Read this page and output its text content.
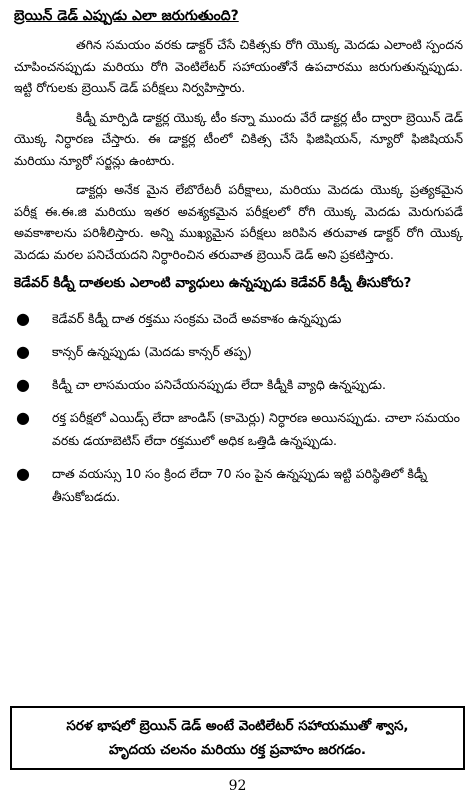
బ్రెయిన్ డెడ్ ఎప్పుడు ఎలా జరుగుతుంది?

తగిన సమయం వరకు డాక్టర్ చేసే చికిత్సకు రోగి యొక్క మెదడు ఎలాంటి స్పందన చూపించనప్పుడు మరియు రోగి వెంటిలేటర్ సహాయంతోనే ఉపచారము జరుగుతున్నప్పుడు. ఇట్టి రోగులకు బ్రెయిన్ డెడ్ పరీక్షలు నిర్వహిస్తారు.

కిడ్నీ మార్పిడి డాక్టర్ల యొక్క టీం కన్నా ముందు వేరే డాక్టర్ల టీం ద్వారా బ్రెయిన్ డెడ్ యొక్క నిర్ధారణ చేస్తారు. ఈ డాక్టర్ల టీంలో చికిత్స చేసే ఫిజిషియన్, న్యూరో ఫిజిషియన్ మరియు న్యూరో సర్జన్లు ఉంటారు.

డాక్టర్లు అనేక మైన లేబొరేటరీ పరీక్షాలు, మరియు మెదడు యొక్క ప్రత్యకమైన పరీక్ష ఈ.ఈ.జి మరియు ఇతర అవశ్యకమైన పరీక్షలలో రోగి యొక్క మెదడు మెరుగుపడే అవకాశాలను పరిశీలిస్తారు. అన్ని ముఖ్యమైన పరీక్షలు జరిపిన తరువాత డాక్టర్ రోగి యొక్క మెదడు మరల పనిచేయదని నిర్ధారించిన తరువాత బ్రెయిన్ డెడ్ అని ప్రకటిస్తారు.

కెడేవర్ కిడ్నీ దాతలకు ఎలాంటి వ్యాధులు ఉన్నప్పుడు కెడేవర్ కిడ్నీ తీసుకోరు?
● కెడేవర్ కిడ్నీ దాత రక్తము సంక్రమ చెందే అవకాశం ఉన్నప్పుడు
● కాన్సర్ ఉన్నప్పుడు (మెదడు కాన్సర్ తప్ప)
● కిడ్నీ చా లాసమయం పనిచేయనప్పుడు లేదా కిడ్నీకి వ్యాధి ఉన్నప్పుడు.
● రక్త పరీక్షలో ఎయిడ్స్ లేదా జాండిస్ (కామెర్లు) నిర్ధారణ అయినప్పుడు. చాలా సమయం వరకు డయాబెటిస్ లేదా రక్తములో అధిక ఒత్తిడి ఉన్నప్పుడు.
● దాత వయస్సు 10 సం క్రింద లేదా 70 సం పైన ఉన్నప్పుడు ఇట్టి పరిస్థితిలో కిడ్నీ తీసుకోబడదు.
సరళ భాషలో బ్రెయిన్ డెడ్ అంటే వెంటిలేటర్ సహాయముతో శ్వాస,
హృదయ చలనం మరియు రక్త ప్రవాహం జరగడం.
92
